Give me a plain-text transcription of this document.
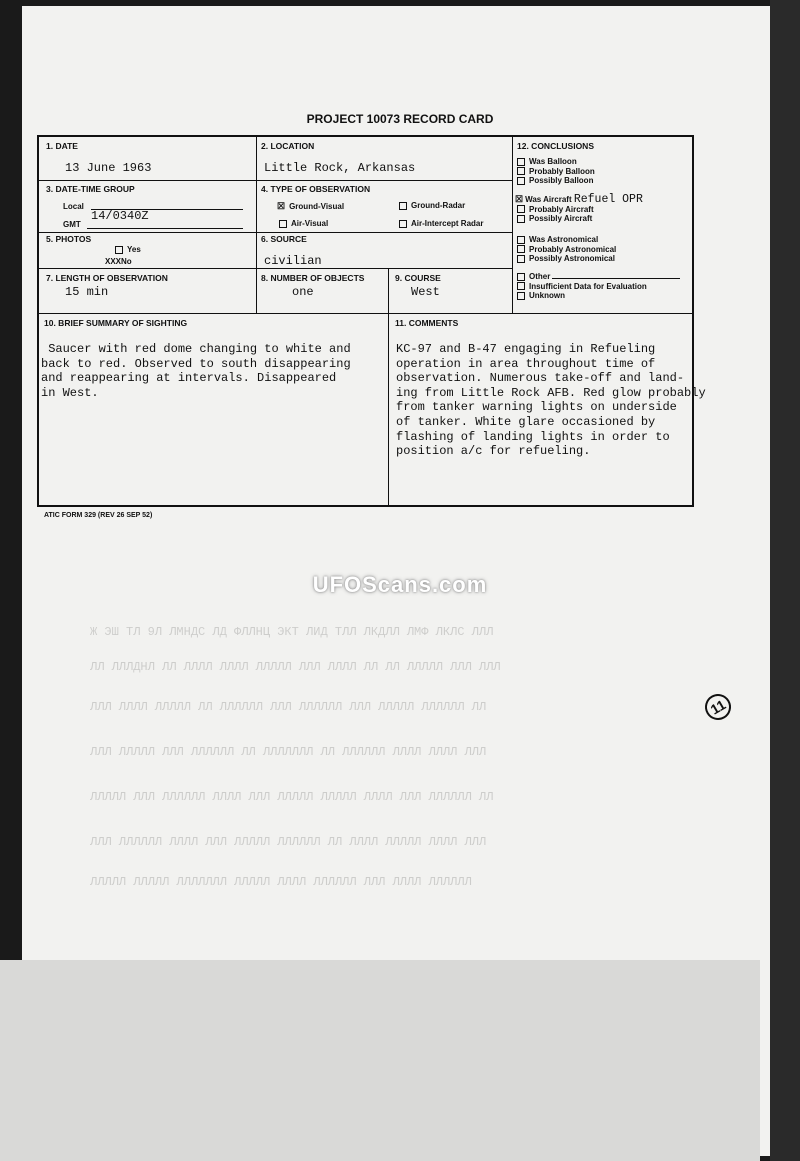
Ж ЭШ ТЛ 9Л ЛМНДС ЛД ФЛЛНЦ ЭКТ ЛИД ТЛЛ ЛКДЛЛ ЛМФ ЛКЛС ЛЛЛ
ЛЛ ЛЛЛДНЛ ЛЛ ЛЛЛЛ ЛЛЛЛ ЛЛЛЛЛ ЛЛЛ ЛЛЛЛ ЛЛ ЛЛ ЛЛЛЛЛ ЛЛЛ ЛЛЛ
ЛЛЛ ЛЛЛЛ ЛЛЛЛЛ ЛЛ ЛЛЛЛЛЛ ЛЛЛ ЛЛЛЛЛЛ ЛЛЛ ЛЛЛЛЛ ЛЛЛЛЛЛ ЛЛ
ЛЛЛ ЛЛЛЛЛ ЛЛЛ ЛЛЛЛЛЛ ЛЛ ЛЛЛЛЛЛЛ ЛЛ ЛЛЛЛЛЛ ЛЛЛЛ ЛЛЛЛ ЛЛЛ
ЛЛЛЛЛ ЛЛЛ ЛЛЛЛЛЛ ЛЛЛЛ ЛЛЛ ЛЛЛЛЛ ЛЛЛЛЛ ЛЛЛЛ ЛЛЛ ЛЛЛЛЛЛ ЛЛ
ЛЛЛ ЛЛЛЛЛЛ ЛЛЛЛ ЛЛЛ ЛЛЛЛЛ ЛЛЛЛЛЛ ЛЛ ЛЛЛЛ ЛЛЛЛЛ ЛЛЛЛ ЛЛЛ
ЛЛЛЛЛ ЛЛЛЛЛ ЛЛЛЛЛЛЛ ЛЛЛЛЛ ЛЛЛЛ ЛЛЛЛЛЛ ЛЛЛ ЛЛЛЛ ЛЛЛЛЛЛ
PROJECT 10073 RECORD CARD
1. DATE
13 June 1963
2. LOCATION
Little Rock, Arkansas
3. DATE-TIME GROUP
Local
GMT
14/0340Z
4. TYPE OF OBSERVATION
☒ Ground-Visual	Ground-Radar
Air-Visual	Air-Intercept Radar
5. PHOTOS
Yes
XXXNo
6. SOURCE
civilian
7. LENGTH OF OBSERVATION
15 min
8. NUMBER OF OBJECTS
one
9. COURSE
West
12. CONCLUSIONS
Was Balloon
Probably Balloon
Possibly Balloon
☒ Was Aircraft Refuel OPR
Probably Aircraft
Possibly Aircraft
Was Astronomical
Probably Astronomical
Possibly Astronomical
Other
Insufficient Data for Evaluation
Unknown
10. BRIEF SUMMARY OF SIGHTING
Saucer with red dome changing to white and
back to red. Observed to south disappearing
and reappearing at intervals. Disappeared
in West.
11. COMMENTS
KC-97 and B-47 engaging in Refueling
operation in area throughout time of
observation. Numerous take-off and land-
ing from Little Rock AFB. Red glow probably
from tanker warning lights on underside
of tanker. White glare occasioned by
flashing of landing lights in order to
position a/c for refueling.
ATIC FORM 329 (REV 26 SEP 52)
UFOScans.com
11
